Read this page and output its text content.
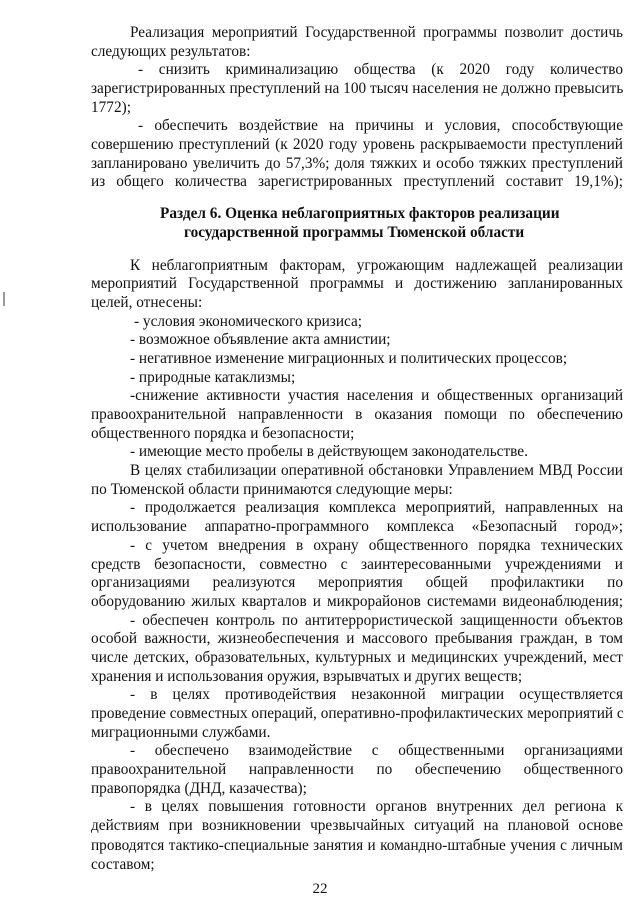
Реализация мероприятий Государственной программы позволит достичь
следующих результатов:
- снизить криминализацию общества (к 2020 году количество
зарегистрированных преступлений на 100 тысяч населения не должно превысить
1772);
- обеспечить воздействие на причины и условия, способствующие
совершению преступлений (к 2020 году уровень раскрываемости преступлений
запланировано увеличить до 57,3%; доля тяжких и особо тяжких преступлений
из общего количества зарегистрированных преступлений составит 19,1%);
Раздел 6. Оценка неблагоприятных факторов реализации
государственной программы Тюменской области
К неблагоприятным факторам, угрожающим надлежащей реализации
мероприятий Государственной программы и достижению запланированных
целей, отнесены:
- условия экономического кризиса;
- возможное объявление акта амнистии;
- негативное изменение миграционных и политических процессов;
- природные катаклизмы;
-снижение активности участия населения и общественных организаций
правоохранительной направленности в оказания помощи по обеспечению
общественного порядка и безопасности;
- имеющие место пробелы в действующем законодательстве.
В целях стабилизации оперативной обстановки Управлением МВД России
по Тюменской области принимаются следующие меры:
- продолжается реализация комплекса мероприятий, направленных на
использование аппаратно-программного комплекса «Безопасный город»;
- с учетом внедрения в охрану общественного порядка технических
средств безопасности, совместно с заинтересованными учреждениями и
организациями реализуются мероприятия общей профилактики по
оборудованию жилых кварталов и микрорайонов системами видеонаблюдения;
- обеспечен контроль по антитеррористической защищенности объектов
особой важности, жизнеобеспечения и массового пребывания граждан, в том
числе детских, образовательных, культурных и медицинских учреждений, мест
хранения и использования оружия, взрывчатых и других веществ;
- в целях противодействия незаконной миграции осуществляется
проведение совместных операций, оперативно-профилактических мероприятий с
миграционными службами.
- обеспечено взаимодействие с общественными организациями
правоохранительной направленности по обеспечению общественного
правопорядка (ДНД, казачества);
- в целях повышения готовности органов внутренних дел региона к
действиям при возникновении чрезвычайных ситуаций на плановой основе
проводятся тактико-специальные занятия и командно-штабные учения с личным
составом;
22
